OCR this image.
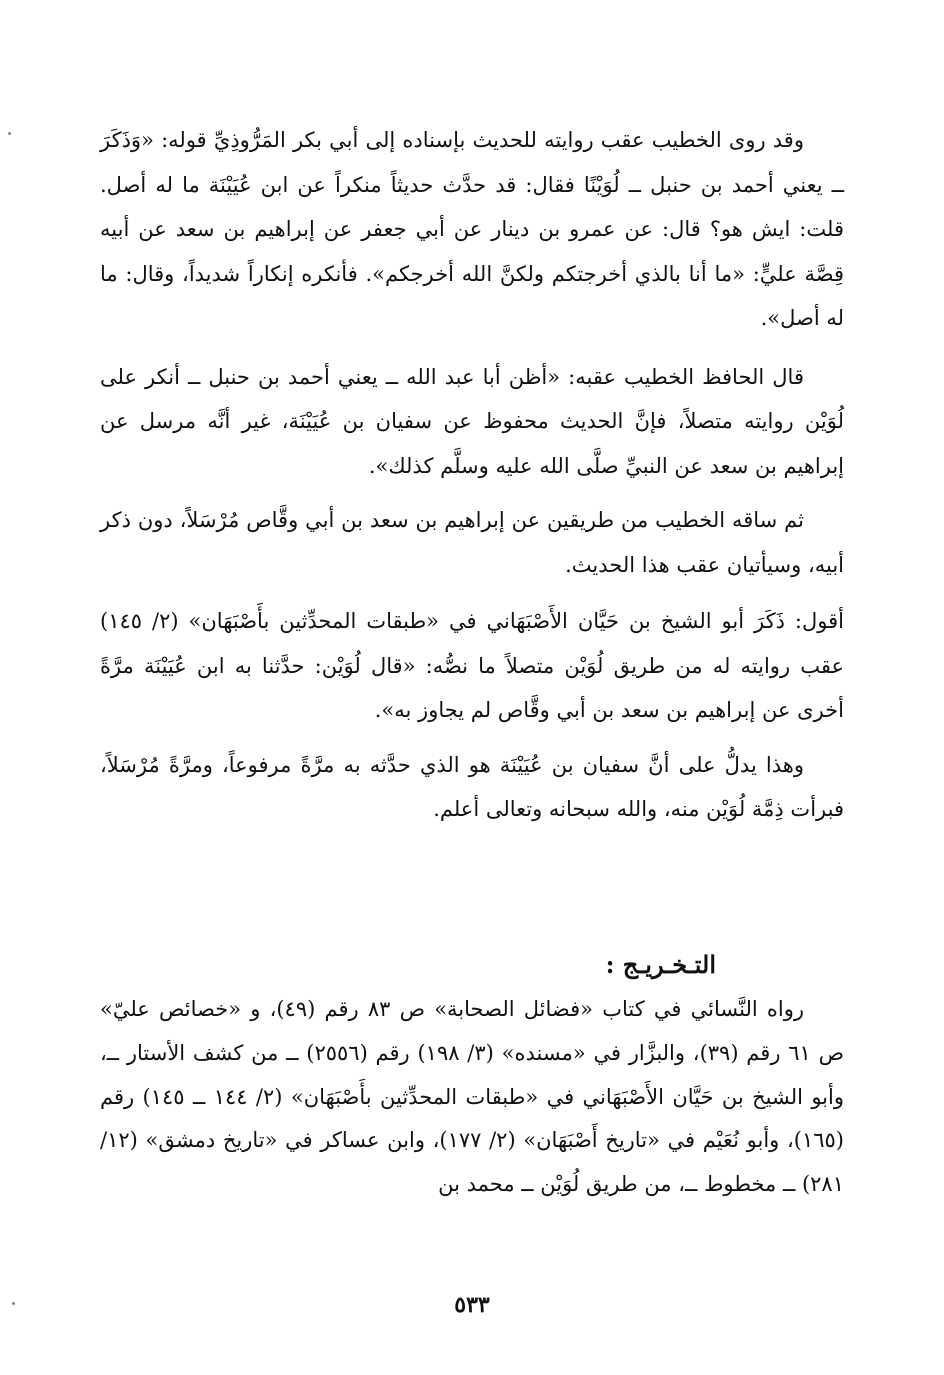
وقد روى الخطيب عقب روايته للحديث بإسناده إلى أبي بكر المَرُّوذِيِّ قوله: «وَذَكَرَ ــ يعني أحمد بن حنبل ــ لُوَيْنًا فقال: قد حدَّث حديثاً منكراً عن ابن عُيَيْنَة ما له أصل. قلت: ايش هو؟ قال: عن عمرو بن دينار عن أبي جعفر عن إبراهيم بن سعد عن أبيه قِصَّة عليٍّ: «ما أنا بالذي أخرجتكم ولكنَّ الله أخرجكم». فأنكره إنكاراً شديداً، وقال: ما له أصل».

قال الحافظ الخطيب عقبه: «أظن أبا عبد الله ــ يعني أحمد بن حنبل ــ أنكر على لُوَيْن روايته متصلاً، فإنَّ الحديث محفوظ عن سفيان بن عُيَيْنَة، غير أنَّه مرسل عن إبراهيم بن سعد عن النبيِّ صلَّى الله عليه وسلَّم كذلك».

ثم ساقه الخطيب من طريقين عن إبراهيم بن سعد بن أبي وقَّاص مُرْسَلاً، دون ذكر أبيه، وسيأتيان عقب هذا الحديث.

أقول: ذَكَرَ أبو الشيخ بن حَيَّان الأَصْبَهَاني في «طبقات المحدِّثين بأَصْبَهَان» (٢/ ١٤٥) عقب روايته له من طريق لُوَيْن متصلاً ما نصُّه: «قال لُوَيْن: حدَّثنا به ابن عُيَيْنَة مرَّةً أخرى عن إبراهيم بن سعد بن أبي وقَّاص لم يجاوز به».

وهذا يدلُّ على أنَّ سفيان بن عُيَيْنَة هو الذي حدَّثه به مرَّةً مرفوعاً، ومرَّةً مُرْسَلاً، فبرأت ذِمَّة لُوَيْن منه، والله سبحانه وتعالى أعلم.

التـخـريـج :

رواه النَّسائي في كتاب «فضائل الصحابة» ص ٨٣ رقم (٤٩)، و «خصائص عليّ» ص ٦١ رقم (٣٩)، والبزَّار في «مسنده» (٣/ ١٩٨) رقم (٢٥٥٦) ــ من كشف الأستار ــ، وأبو الشيخ بن حَيَّان الأَصْبَهَاني في «طبقات المحدِّثين بأَصْبَهَان» (٢/ ١٤٤ ــ ١٤٥) رقم (١٦٥)، وأبو نُعَيْم في «تاريخ أَصْبَهَان» (٢/ ١٧٧)، وابن عساكر في «تاريخ دمشق» (١٢/ ٢٨١) ــ مخطوط ــ، من طريق لُوَيْن ــ محمد بن

٥٣٣
